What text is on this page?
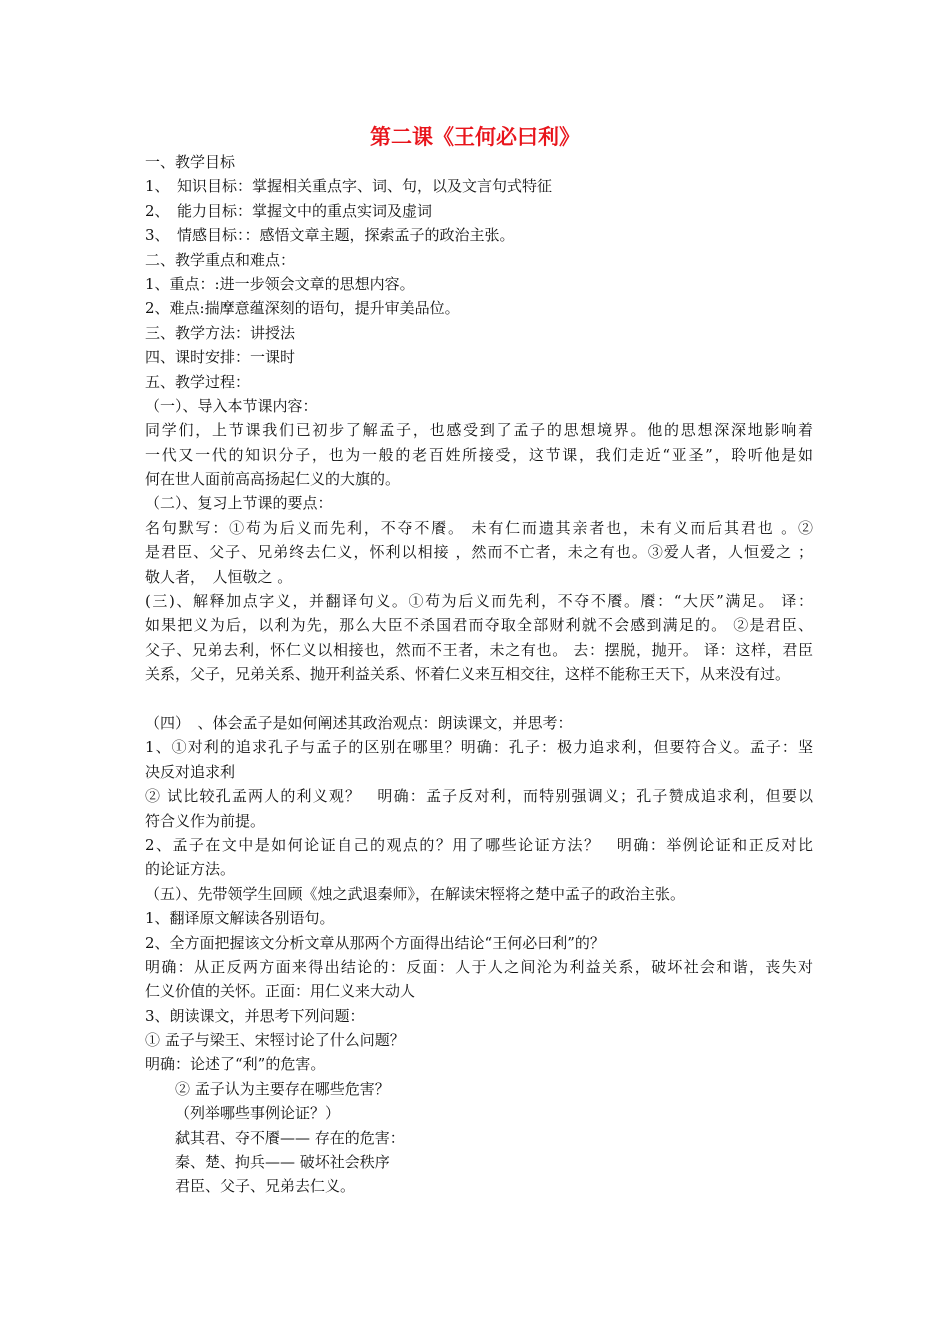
第二课《王何必曰利》
一、教学目标
1、　知识目标：掌握相关重点字、词、句，以及文言句式特征
2、　能力目标：掌握文中的重点实词及虚词
3、　情感目标：：感悟文章主题，探索孟子的政治主张。
二、教学重点和难点：
1、重点：:进一步领会文章的思想内容。
2、难点:揣摩意蕴深刻的语句，提升审美品位。
三、教学方法：讲授法
四、课时安排：一课时
五、教学过程：
（一）、导入本节课内容：
同学们，上节课我们已初步了解孟子，也感受到了孟子的思想境界。他的思想深深地影响着
一代又一代的知识分子，也为一般的老百姓所接受，这节课，我们走近“亚圣”，聆听他是如
何在世人面前高高扬起仁义的大旗的。
（二）、复习上节课的要点：
名句默写：①苟为后义而先利，不夺不餍。 未有仁而遗其亲者也，未有义而后其君也 。②
是君臣、父子、兄弟终去仁义，怀利以相接 ，然而不亡者，未之有也。③爱人者，人恒爱之 ；
敬人者，　人恒敬之 。
(三)、解释加点字义，并翻译句义。①苟为后义而先利，不夺不餍。餍：“大厌”满足。 译：
如果把义为后，以利为先，那么大臣不杀国君而夺取全部财利就不会感到满足的。 ②是君臣、
父子、兄弟去利，怀仁义以相接也，然而不王者，未之有也。 去：摆脱，抛开。 译：这样，君臣
关系，父子，兄弟关系、抛开利益关系、怀着仁义来互相交往，这样不能称王天下，从来没有过。
（四）　、体会孟子是如何阐述其政治观点：朗读课文，并思考：
1、①对利的追求孔子与孟子的区别在哪里？明确：孔子：极力追求利，但要符合义。孟子：坚
决反对追求利
② 试比较孔孟两人的利义观？　明确：孟子反对利，而特别强调义；孔子赞成追求利，但要以
符合义作为前提。
2、孟子在文中是如何论证自己的观点的？用了哪些论证方法？　明确：举例论证和正反对比
的论证方法。
（五）、先带领学生回顾《烛之武退秦师》，在解读宋牼将之楚中孟子的政治主张。
1、翻译原文解读各别语句。
2、全方面把握该文分析文章从那两个方面得出结论“王何必曰利”的？
明确：从正反两方面来得出结论的：反面：人于人之间沦为利益关系，破坏社会和谐，丧失对
仁义价值的关怀。正面：用仁义来大动人
3、朗读课文，并思考下列问题：
① 孟子与梁王、宋牼讨论了什么问题？
明确：论述了“利”的危害。
② 孟子认为主要存在哪些危害？
（列举哪些事例论证？）
弑其君、夺不餍—— 存在的危害：
秦、楚、拘兵—— 破坏社会秩序
君臣、父子、兄弟去仁义。
